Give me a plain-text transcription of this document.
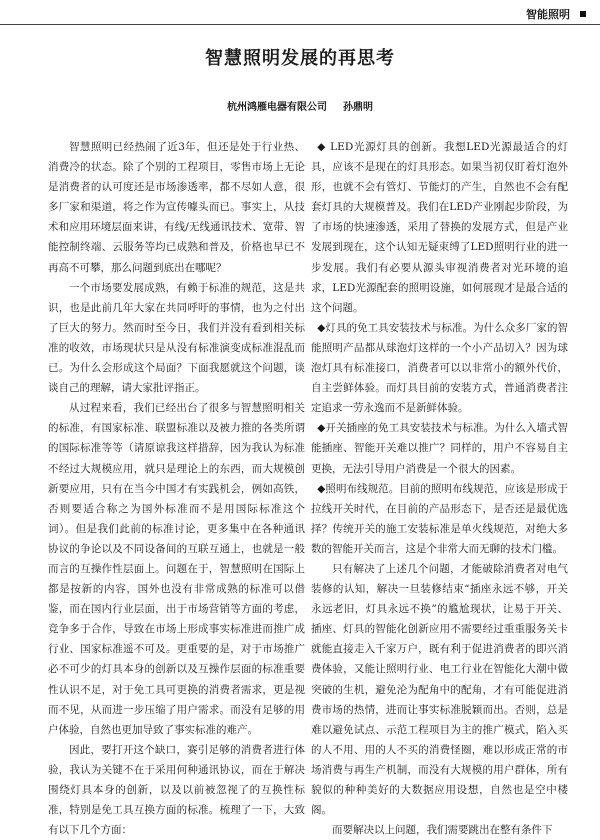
智能照明
智慧照明发展的再思考
杭州鸿雁电器有限公司 孙鼎明

智慧照明已经热闹了近3年，但还是处于行业热、消费冷的状态。除了个别的工程项目，零售市场上无论是消费者的认可度还是市场渗透率，都不尽如人意，很多厂家和渠道，将之作为宣传噱头而已。事实上，从技术和应用环境层面来讲，有线/无线通讯技术、宽带、智能控制终端、云服务等均已成熟和普及，价格也早已不再高不可攀，那么问题到底出在哪呢？

一个市场要发展成熟，有赖于标准的规范，这是共识，也是此前几年大家在共同呼吁的事情，也为之付出了巨大的努力。然而时至今日，我们并没有看到相关标准的收效，市场现状只是从没有标准演变成标准混乱而已。为什么会形成这个局面？下面我愿就这个问题，谈谈自己的理解，请大家批评指正。

从过程来看，我们已经出台了很多与智慧照明相关的标准，有国家标准、联盟标准以及被力推的各类所谓的国际标准等等（请原谅我这样措辞，因为我认为标准不经过大规模应用，就只是理论上的东西，而大规模创新要应用，只有在当今中国才有实践机会，例如高铁，否则要适合称之为国外标准而不是用国际标准这个词）。但是我们此前的标准讨论，更多集中在各种通讯协议的争论以及不同设备间的互联互通上，也就是一般而言的互操作性层面上。问题在于，智慧照明在国际上都是按新的内容，国外也没有非常成熟的标准可以借鉴，而在国内行业层面，出于市场营销等方面的考虑，竞争多于合作，导致在市场上形成事实标准进而推广成行业、国家标准遥不可及。更重要的是，对于市场推广必不可少的灯具本身的创新以及互操作层面的标准重要性认识不足，对于免工具可更换的消费者需求，更是视而不见，从而进一步压缩了用户需求。而没有足够的用户体验，自然也更加导致了事实标准的难产。

因此，要打开这个缺口，赛引足够的消费者进行体验，我认为关键不在于采用何种通讯协议，而在于解决围绕灯具本身的创新，以及以前被忽视了的互换性标准，特别是免工具互换方面的标准。梳理了一下，大致有以下几个方面：

◆ LED光源灯具的创新。我想LED光源最适合的灯具，应该不是现在的灯具形态。如果当初仅盯着灯泡外形，也就不会有管灯、节能灯的产生，自然也不会有配套灯具的大规模普及。我们在LED产业刚起步阶段，为了市场的快速渗透，采用了替换的发展方式，但是产业发展到现在，这个认知无疑束缚了LED照明行业的进一步发展。我们有必要从源头审视消费者对光环境的追求，LED光源配套的照明设施，如何展现才是最合适的这个问题。

◆灯具的免工具安装技术与标准。为什么众多厂家的智能照明产品都从球泡灯这样的一个小产品切入？因为球泡灯具有标准接口，消费者可以以非常小的额外代价，自主尝鲜体验。而灯具目前的安装方式，普通消费者注定追求一劳永逸而不是新鲜体验。

◆开关插座的免工具安装技术与标准。为什么入墙式智能插座、智能开关难以推广？同样的，用户不容易自主更换，无法引导用户消费是一个很大的因素。

◆照明布线规范。目前的照明布线规范，应该是形成于拉线开关时代，在目前的产品形态下，是否还是最优选择？传统开关的施工安装标准是单火线规范，对绝大多数的智能开关而言，这是个非常大而无聊的技术门槛。

只有解决了上述几个问题，才能破除消费者对电气装修的认知，解决一旦装修结束“插座永远不够，开关永远老旧，灯具永远不换”的尴尬现状，让易于开关、插座、灯具的智能化创新应用不需要经过重重服务关卡就能直接走入千家万户，既有利于促进消费者的即兴消费体验，又能让照明行业、电工行业在智能化大潮中做突破的生机，避免沦为配角中的配角，才有可能促进消费市场的热情，进而让事实标准脱颖而出。否则，总是难以避免试点、示范工程项目为主的推广模式，陷入买的人不用、用的人不买的消费怪圈，难以形成正常的市场消费与再生产机制，而没有大规模的用户群体，所有貌似的种种美好的大数据应用设想，自然也是空中楼阁。

而要解决以上问题，我们需要跳出在整有条件下
